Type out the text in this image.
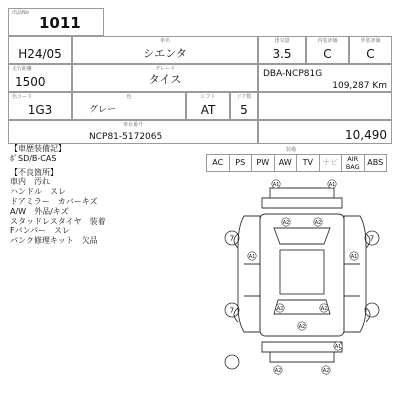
出品No
1011
H24/05
車名
シエンタ
排気量
3.5
内装評価
C
外装評価
C
走行距離
1500
グレード
タイス	DBA-NCP81G
109,287 Km
色コード
1G3
色
グレー
シフト
AT
ドア数
5
車台番号
NCP81-5172065	10,490
【車歴装備記】
ﾎﾟSD/B-CAS
【不良箇所】
車内　汚れ
ハンドル　スレ
ドアミラー　カバーキズ
A/W　外品/キズ
スタッドレスタイヤ　装着
Fバンパー　スレ
パンク修理キット　欠品
装備
AC	PS	PW	AW	TV	ナビ	AIR
BAG ABS
7	7
7
A1	A1
A1	A1
A2	A2
A2	A2
A2
A1
A2	A2
